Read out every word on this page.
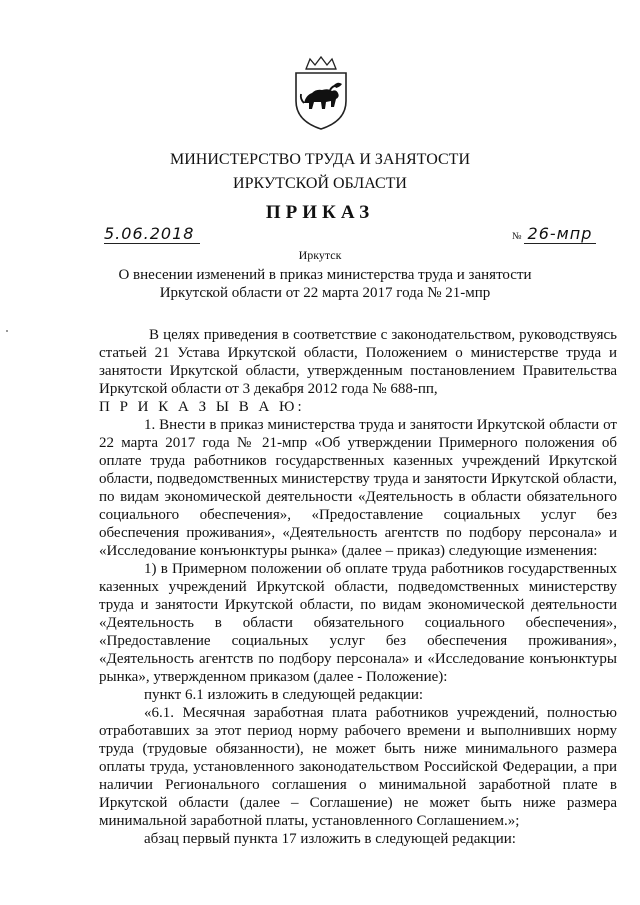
МИНИСТЕРСТВО ТРУДА И ЗАНЯТОСТИ
ИРКУТСКОЙ ОБЛАСТИ
ПРИКАЗ
5.06.2018	№ 26-мпр
Иркутск
О внесении изменений в приказ министерства труда и занятости Иркутской области от 22 марта 2017 года № 21-мпр

В целях приведения в соответствие с законодательством, руководствуясь статьей 21 Устава Иркутской области, Положением о министерстве труда и занятости Иркутской области, утвержденным постановлением Правительства Иркутской области от 3 декабря 2012 года № 688-пп,

П Р И К А З Ы В А Ю:

1. Внести в приказ министерства труда и занятости Иркутской области от 22 марта 2017 года № 21-мпр «Об утверждении Примерного положения об оплате труда работников государственных казенных учреждений Иркутской области, подведомственных министерству труда и занятости Иркутской области, по видам экономической деятельности «Деятельность в области обязательного социального обеспечения», «Предоставление социальных услуг без обеспечения проживания», «Деятельность агентств по подбору персонала» и «Исследование конъюнктуры рынка» (далее – приказ) следующие изменения:

1) в Примерном положении об оплате труда работников государственных казенных учреждений Иркутской области, подведомственных министерству труда и занятости Иркутской области, по видам экономической деятельности «Деятельность в области обязательного социального обеспечения», «Предоставление социальных услуг без обеспечения проживания», «Деятельность агентств по подбору персонала» и «Исследование конъюнктуры рынка», утвержденном приказом (далее - Положение):

пункт 6.1 изложить в следующей редакции:

«6.1. Месячная заработная плата работников учреждений, полностью отработавших за этот период норму рабочего времени и выполнивших норму труда (трудовые обязанности), не может быть ниже минимального размера оплаты труда, установленного законодательством Российской Федерации, а при наличии Регионального соглашения о минимальной заработной плате в Иркутской области (далее – Соглашение) не может быть ниже размера минимальной заработной платы, установленного Соглашением.»;

абзац первый пункта 17 изложить в следующей редакции:
